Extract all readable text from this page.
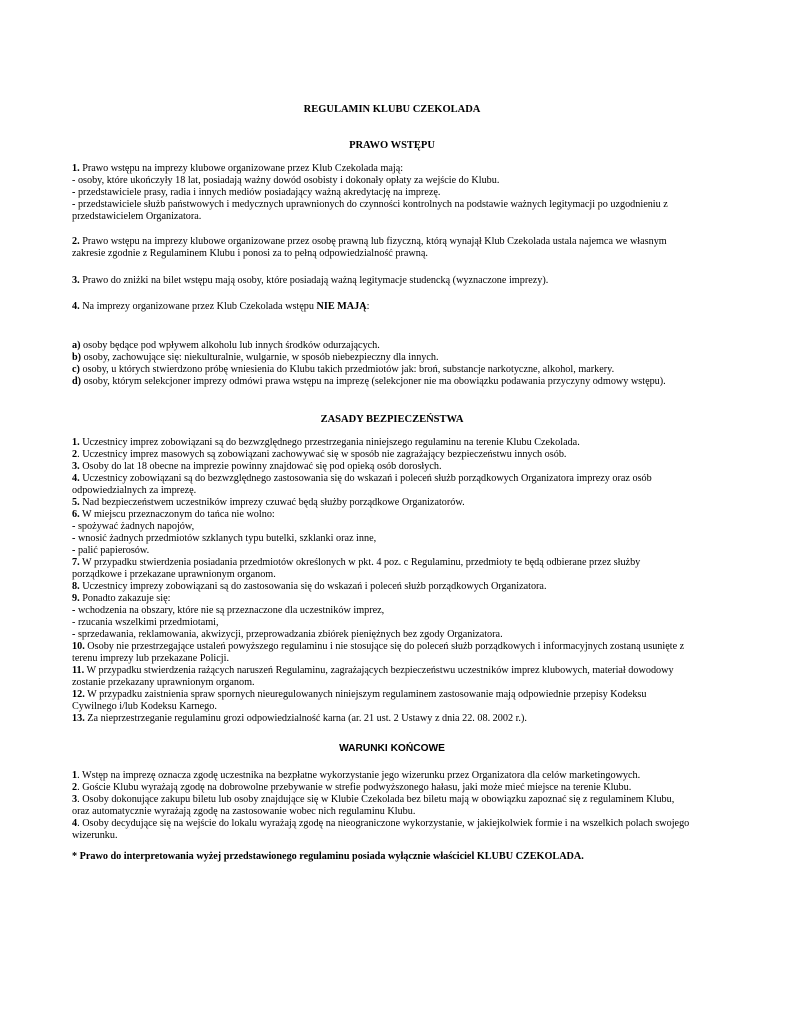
REGULAMIN KLUBU CZEKOLADA
PRAWO WSTĘPU
1. Prawo wstępu na imprezy klubowe organizowane przez Klub Czekolada mają:
- osoby, które ukończyły 18 lat, posiadają ważny dowód osobisty i dokonały opłaty za wejście do Klubu.
- przedstawiciele prasy, radia i innych mediów posiadający ważną akredytację na imprezę.
- przedstawiciele służb państwowych i medycznych uprawnionych do czynności kontrolnych na podstawie ważnych legitymacji po uzgodnieniu z
przedstawicielem Organizatora.
2. Prawo wstępu na imprezy klubowe organizowane przez osobę prawną lub fizyczną, którą wynajął Klub Czekolada ustala najemca we własnym
zakresie zgodnie z Regulaminem Klubu i ponosi za to pełną odpowiedzialność prawną.
3. Prawo do zniżki na bilet wstępu mają osoby, które posiadają ważną legitymacje studencką (wyznaczone imprezy).
4. Na imprezy organizowane przez Klub Czekolada wstępu NIE MAJĄ:
a) osoby będące pod wpływem alkoholu lub innych środków odurzających.
b) osoby, zachowujące się: niekulturalnie, wulgarnie, w sposób niebezpieczny dla innych.
c) osoby, u których stwierdzono próbę wniesienia do Klubu takich przedmiotów jak: broń, substancje narkotyczne, alkohol, markery.
d) osoby, którym selekcjoner imprezy odmówi prawa wstępu na imprezę (selekcjoner nie ma obowiązku podawania przyczyny odmowy wstępu).
ZASADY BEZPIECZEŃSTWA
1. Uczestnicy imprez zobowiązani są do bezwzględnego przestrzegania niniejszego regulaminu na terenie Klubu Czekolada.
2. Uczestnicy imprez masowych są zobowiązani zachowywać się w sposób nie zagrażający bezpieczeństwu innych osób.
3. Osoby do lat 18 obecne na imprezie powinny znajdować się pod opieką osób dorosłych.
4. Uczestnicy zobowiązani są do bezwzględnego zastosowania się do wskazań i poleceń służb porządkowych Organizatora imprezy oraz osób
odpowiedzialnych za imprezę.
5. Nad bezpieczeństwem uczestników imprezy czuwać będą służby porządkowe Organizatorów.
6. W miejscu przeznaczonym do tańca nie wolno:
- spożywać żadnych napojów,
- wnosić żadnych przedmiotów szklanych typu butelki, szklanki oraz inne,
- palić papierosów.
7. W przypadku stwierdzenia posiadania przedmiotów określonych w pkt. 4 poz. c Regulaminu, przedmioty te będą odbierane przez służby
porządkowe i przekazane uprawnionym organom.
8. Uczestnicy imprezy zobowiązani są do zastosowania się do wskazań i poleceń służb porządkowych Organizatora.
9. Ponadto zakazuje się:
- wchodzenia na obszary, które nie są przeznaczone dla uczestników imprez,
- rzucania wszelkimi przedmiotami,
- sprzedawania, reklamowania, akwizycji, przeprowadzania zbiórek pieniężnych bez zgody Organizatora.
10. Osoby nie przestrzegające ustaleń powyższego regulaminu i nie stosujące się do poleceń służb porządkowych i informacyjnych zostaną usunięte z
terenu imprezy lub przekazane Policji.
11. W przypadku stwierdzenia rażących naruszeń Regulaminu, zagrażających bezpieczeństwu uczestników imprez klubowych, materiał dowodowy
zostanie przekazany uprawnionym organom.
12. W przypadku zaistnienia spraw spornych nieuregulowanych niniejszym regulaminem zastosowanie mają odpowiednie przepisy Kodeksu
Cywilnego i/lub Kodeksu Karnego.
13. Za nieprzestrzeganie regulaminu grozi odpowiedzialność karna (ar. 21 ust. 2 Ustawy z dnia 22. 08. 2002 r.).
WARUNKI KOŃCOWE
1. Wstęp na imprezę oznacza zgodę uczestnika na bezpłatne wykorzystanie jego wizerunku przez Organizatora dla celów marketingowych.
2. Goście Klubu wyrażają zgodę na dobrowolne przebywanie w strefie podwyższonego hałasu, jaki może mieć miejsce na terenie Klubu.
3. Osoby dokonujące zakupu biletu lub osoby znajdujące się w Klubie Czekolada bez biletu mają w obowiązku zapoznać się z regulaminem Klubu,
oraz automatycznie wyrażają zgodę na zastosowanie wobec nich regulaminu Klubu.
4. Osoby decydujące się na wejście do lokalu wyrażają zgodę na nieograniczone wykorzystanie, w jakiejkolwiek formie i na wszelkich polach swojego
wizerunku.
* Prawo do interpretowania wyżej przedstawionego regulaminu posiada wyłącznie właściciel KLUBU CZEKOLADA.
